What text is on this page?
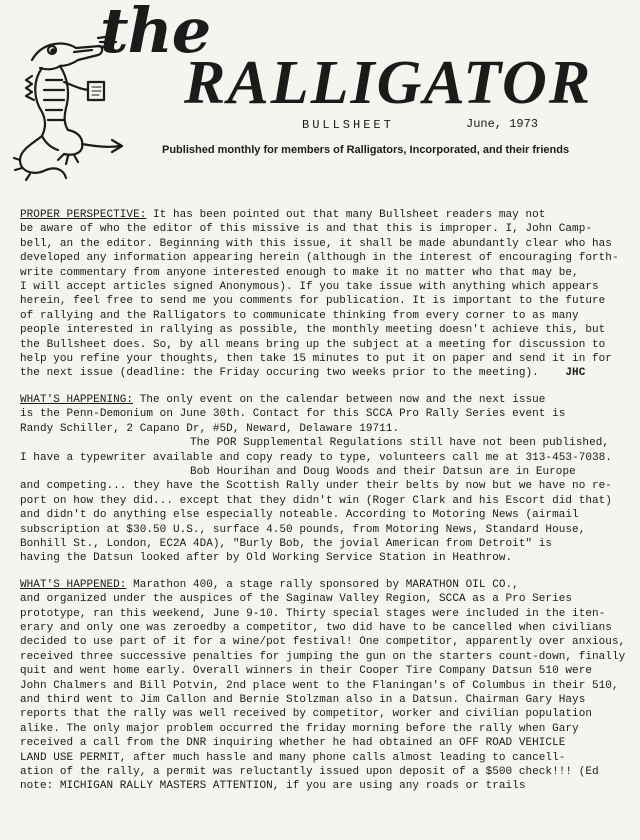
the
RALLIGATOR
BULLSHEET	June, 1973
Published monthly for members of Ralligators, Incorporated, and their friends
PROPER PERSPECTIVE: It has been pointed out that many Bullsheet readers may not
be aware of who the editor of this missive is and that this is improper. I, John Camp-
bell, an the editor. Beginning with this issue, it shall be made abundantly clear who has
developed any information appearing herein (although in the interest of encouraging forth-
write commentary from anyone interested enough to make it no matter who that may be,
I will accept articles signed Anonymous). If you take issue with anything which appears
herein, feel free to send me you comments for publication. It is important to the future
of rallying and the Ralligators to communicate thinking from every corner to as many
people interested in rallying as possible, the monthly meeting doesn't achieve this, but
the Bullsheet does. So, by all means bring up the subject at a meeting for discussion to
help you refine your thoughts, then take 15 minutes to put it on paper and send it in for
the next issue (deadline: the Friday occuring two weeks prior to the meeting). JHC
WHAT'S HAPPENING: The only event on the calendar between now and the next issue
is the Penn-Demonium on June 30th. Contact for this SCCA Pro Rally Series event is
Randy Schiller, 2 Capano Dr, #5D, Neward, Delaware 19711.
The POR Supplemental Regulations still have not been published,
I have a typewriter available and copy ready to type, volunteers call me at 313-453-7038.
Bob Hourihan and Doug Woods and their Datsun are in Europe
and competing... they have the Scottish Rally under their belts by now but we have no re-
port on how they did... except that they didn't win (Roger Clark and his Escort did that)
and didn't do anything else especially noteable. According to Motoring News (airmail
subscription at $30.50 U.S., surface 4.50 pounds, from Motoring News, Standard House,
Bonhill St., London, EC2A 4DA), "Burly Bob, the jovial American from Detroit" is
having the Datsun looked after by Old Working Service Station in Heathrow.
WHAT'S HAPPENED: Marathon 400, a stage rally sponsored by MARATHON OIL CO.,
and organized under the auspices of the Saginaw Valley Region, SCCA as a Pro Series
prototype, ran this weekend, June 9-10. Thirty special stages were included in the iten-
erary and only one was zeroedby a competitor, two did have to be cancelled when civilians
decided to use part of it for a wine/pot festival! One competitor, apparently over anxious,
received three successive penalties for jumping the gun on the starters count-down, finally
quit and went home early. Overall winners in their Cooper Tire Company Datsun 510 were
John Chalmers and Bill Potvin, 2nd place went to the Flaningan's of Columbus in their 510,
and third went to Jim Callon and Bernie Stolzman also in a Datsun. Chairman Gary Hays
reports that the rally was well received by competitor, worker and civilian population
alike. The only major problem occurred the friday morning before the rally when Gary
received a call from the DNR inquiring whether he had obtained an OFF ROAD VEHICLE
LAND USE PERMIT, after much hassle and many phone calls almost leading to cancell-
ation of the rally, a permit was reluctantly issued upon deposit of a $500 check!!! (Ed
note: MICHIGAN RALLY MASTERS ATTENTION, if you are using any roads or trails
